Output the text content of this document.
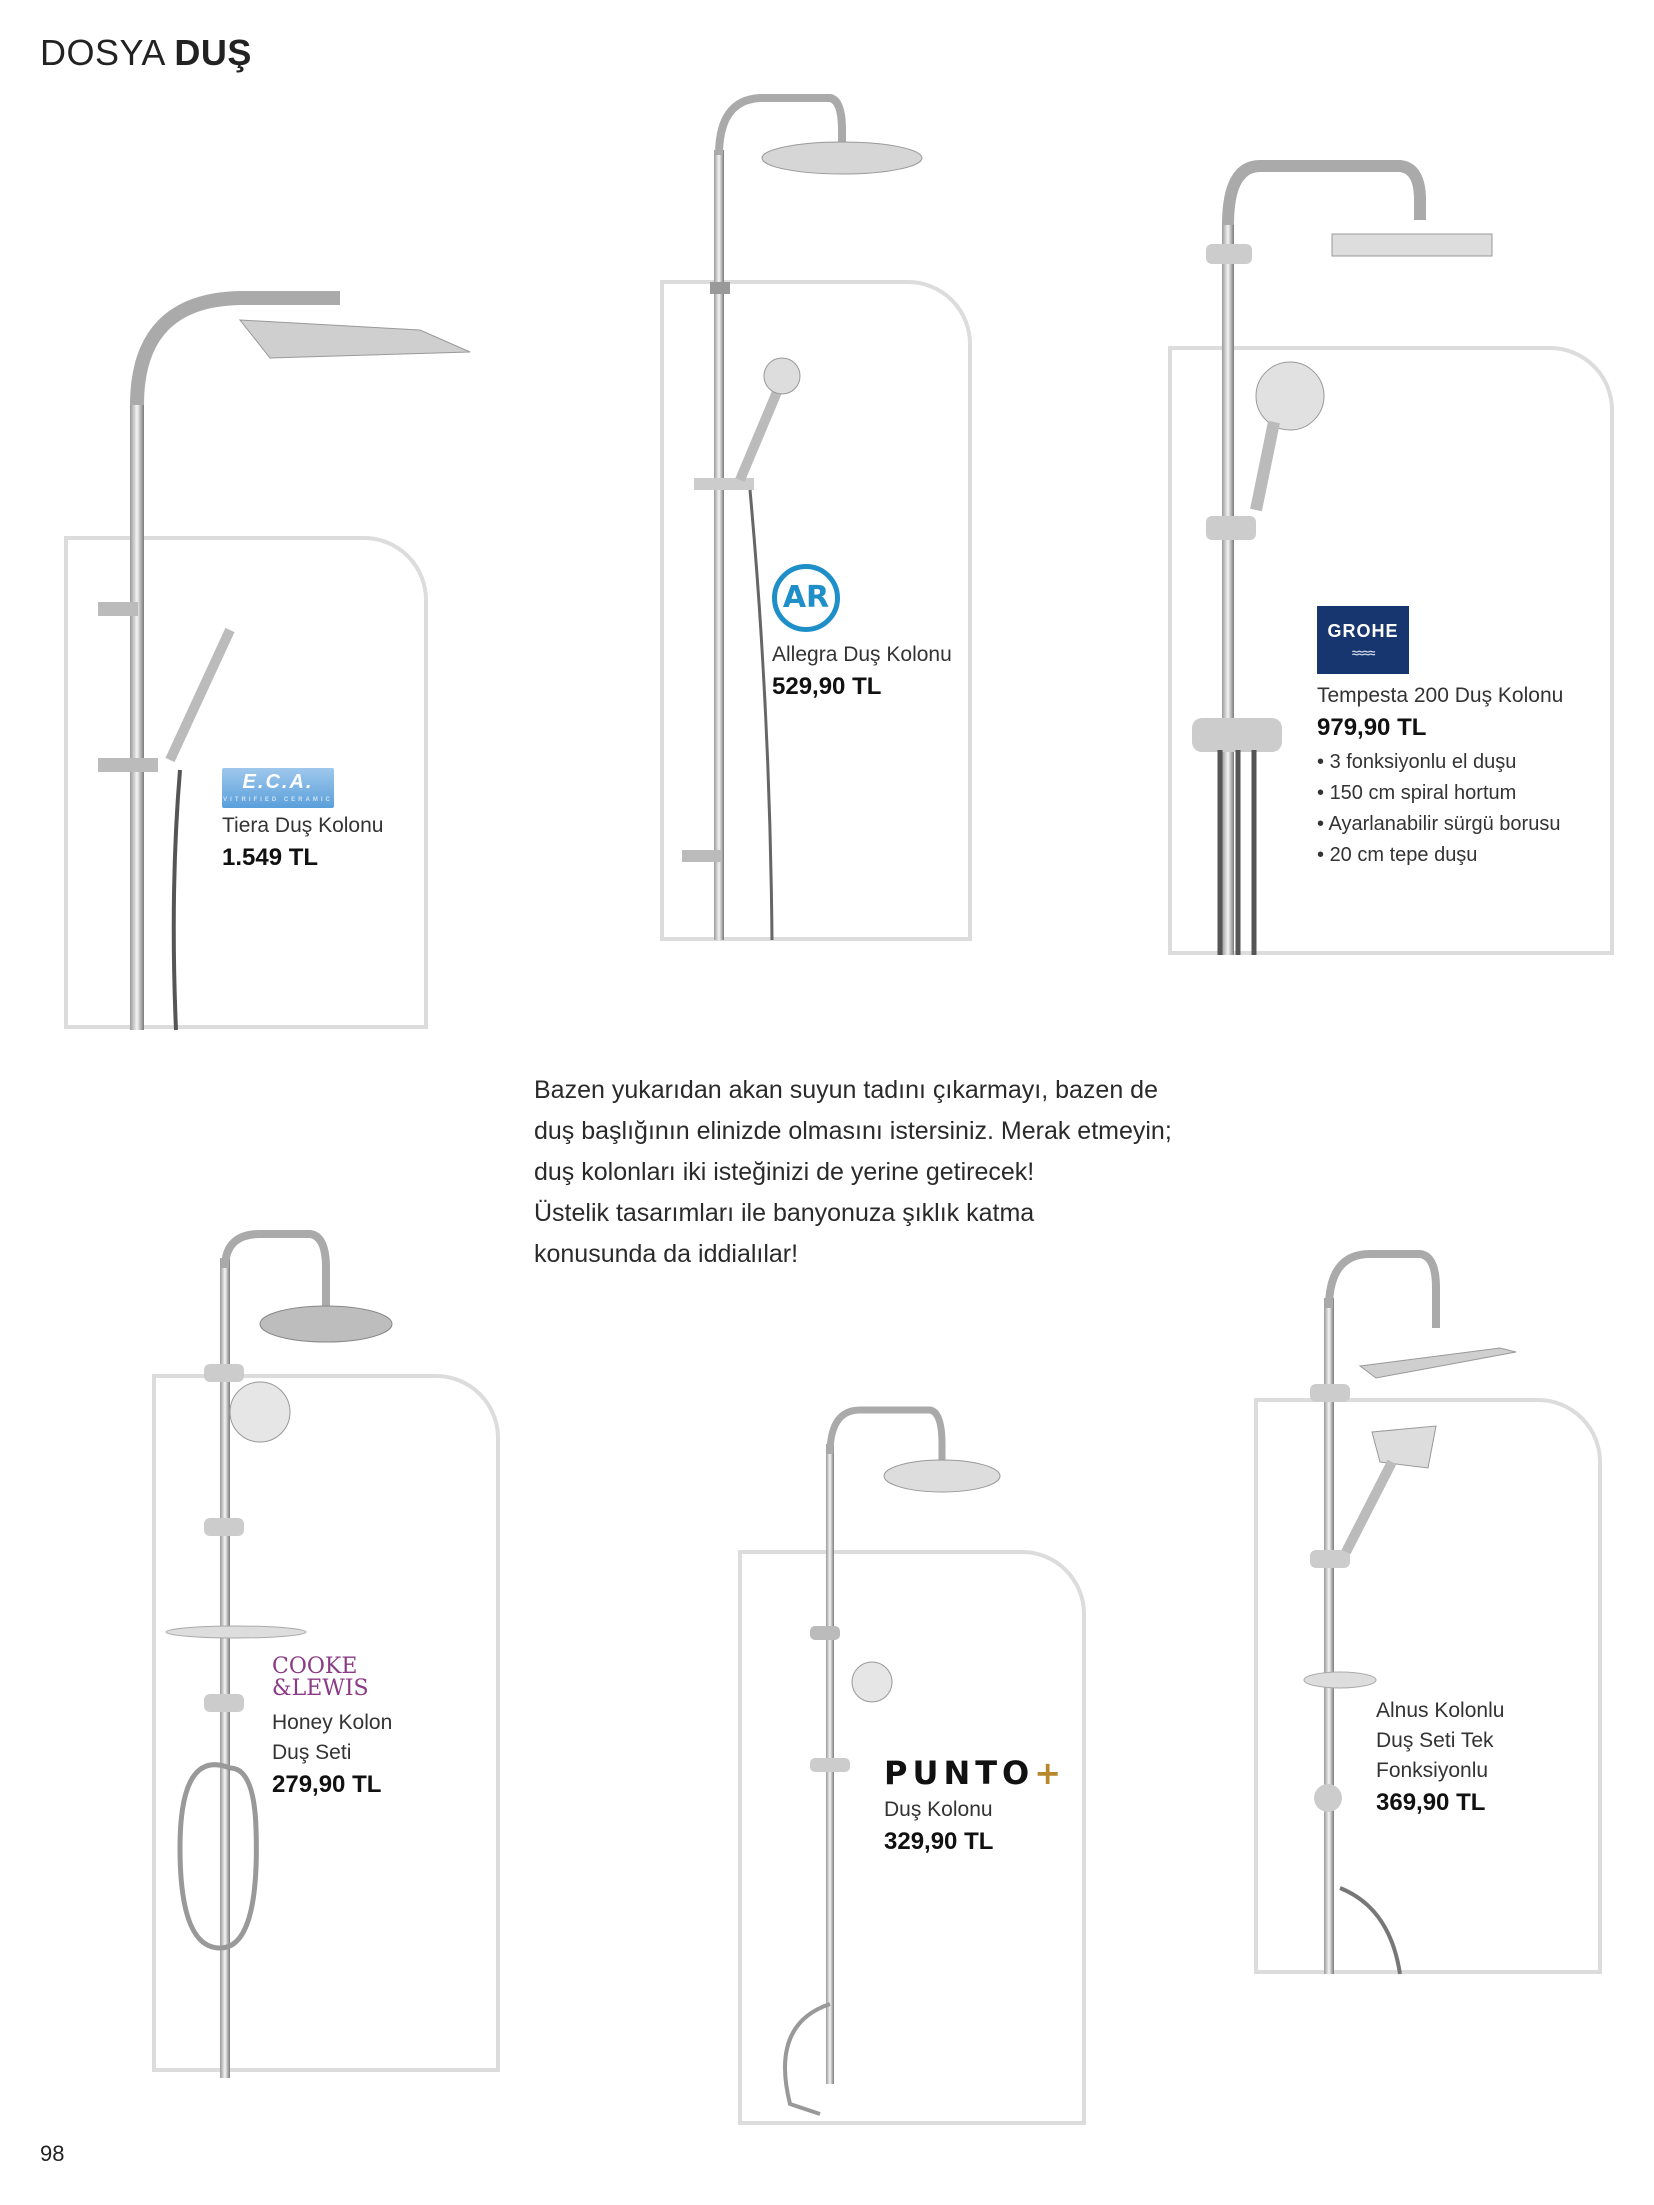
DOSYA DUŞ
E.C.A.
VITRIFIED CERAMIC
Tiera Duş Kolonu
1.549 TL
AR
Allegra Duş Kolonu
529,90 TL
GROHE
≈≈≈≈
Tempesta 200 Duş Kolonu
979,90 TL
• 3 fonksiyonlu el duşu
• 150 cm spiral hortum
• Ayarlanabilir sürgü borusu
• 20 cm tepe duşu
Bazen yukarıdan akan suyun tadını çıkarmayı, bazen de
duş başlığının elinizde olmasını istersiniz. Merak etmeyin;
duş kolonları iki isteğinizi de yerine getirecek!
Üstelik tasarımları ile banyonuza şıklık katma
konusunda da iddialılar!
COOKE
&LEWIS
Honey Kolon
Duş Seti
279,90 TL	PUNTO+
Duş Kolonu
329,90 TL
Alnus Kolonlu
Duş Seti Tek
Fonksiyonlu
369,90 TL
98
